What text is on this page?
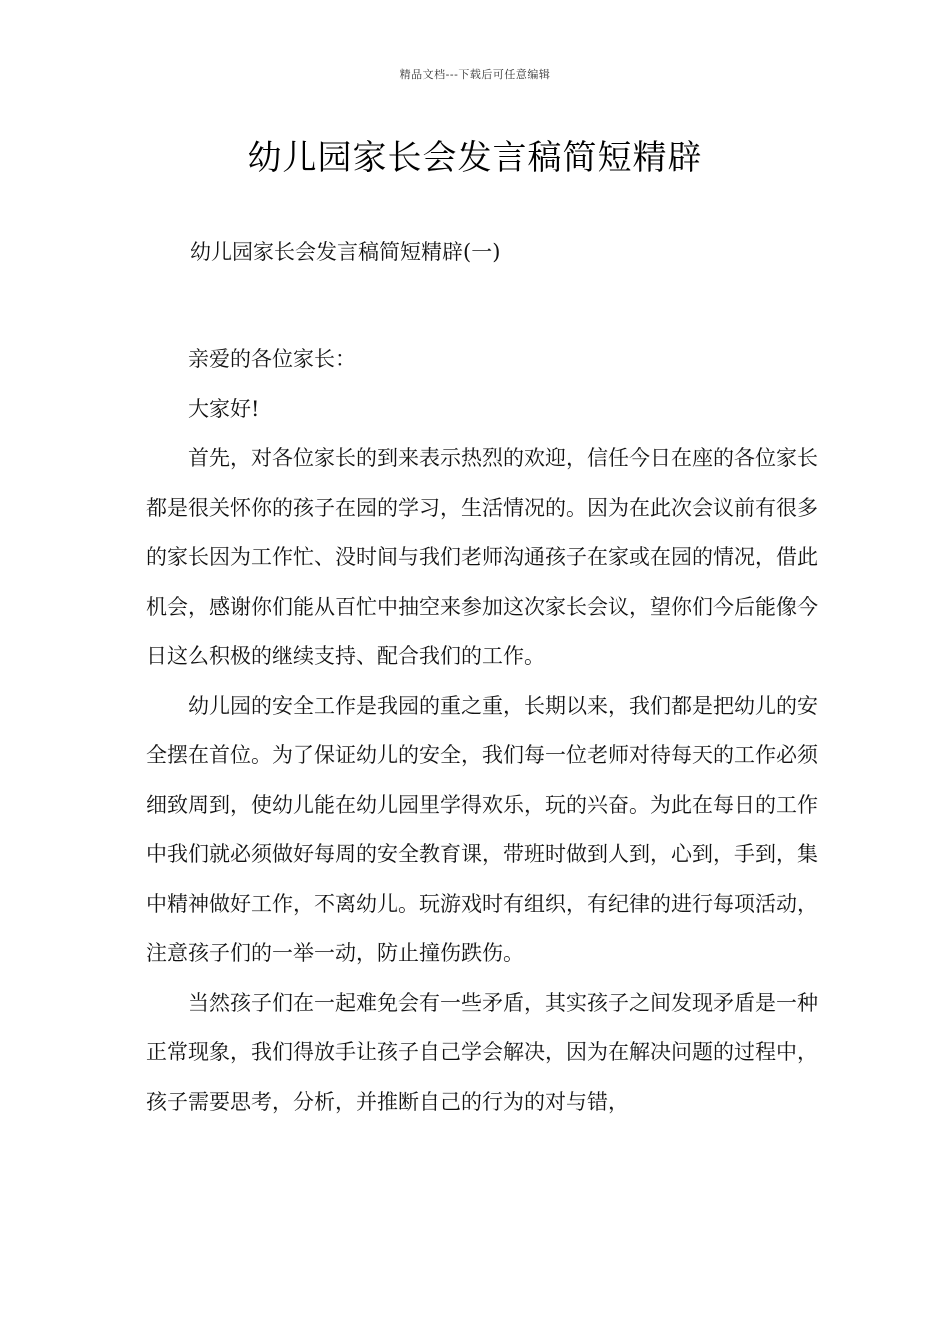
精品文档---下载后可任意编辑
幼儿园家长会发言稿简短精辟
幼儿园家长会发言稿简短精辟(一)

亲爱的各位家长：

大家好!

首先，对各位家长的到来表示热烈的欢迎，信任今日在座的各位家长都是很关怀你的孩子在园的学习，生活情况的。因为在此次会议前有很多的家长因为工作忙、没时间与我们老师沟通孩子在家或在园的情况，借此机会，感谢你们能从百忙中抽空来参加这次家长会议，望你们今后能像今日这么积极的继续支持、配合我们的工作。

幼儿园的安全工作是我园的重之重，长期以来，我们都是把幼儿的安全摆在首位。为了保证幼儿的安全，我们每一位老师对待每天的工作必须细致周到，使幼儿能在幼儿园里学得欢乐，玩的兴奋。为此在每日的工作中我们就必须做好每周的安全教育课，带班时做到人到，心到，手到，集中精神做好工作，不离幼儿。玩游戏时有组织，有纪律的进行每项活动，注意孩子们的一举一动，防止撞伤跌伤。

当然孩子们在一起难免会有一些矛盾，其实孩子之间发现矛盾是一种正常现象，我们得放手让孩子自己学会解决，因为在解决问题的过程中，孩子需要思考，分析，并推断自己的行为的对与错，
